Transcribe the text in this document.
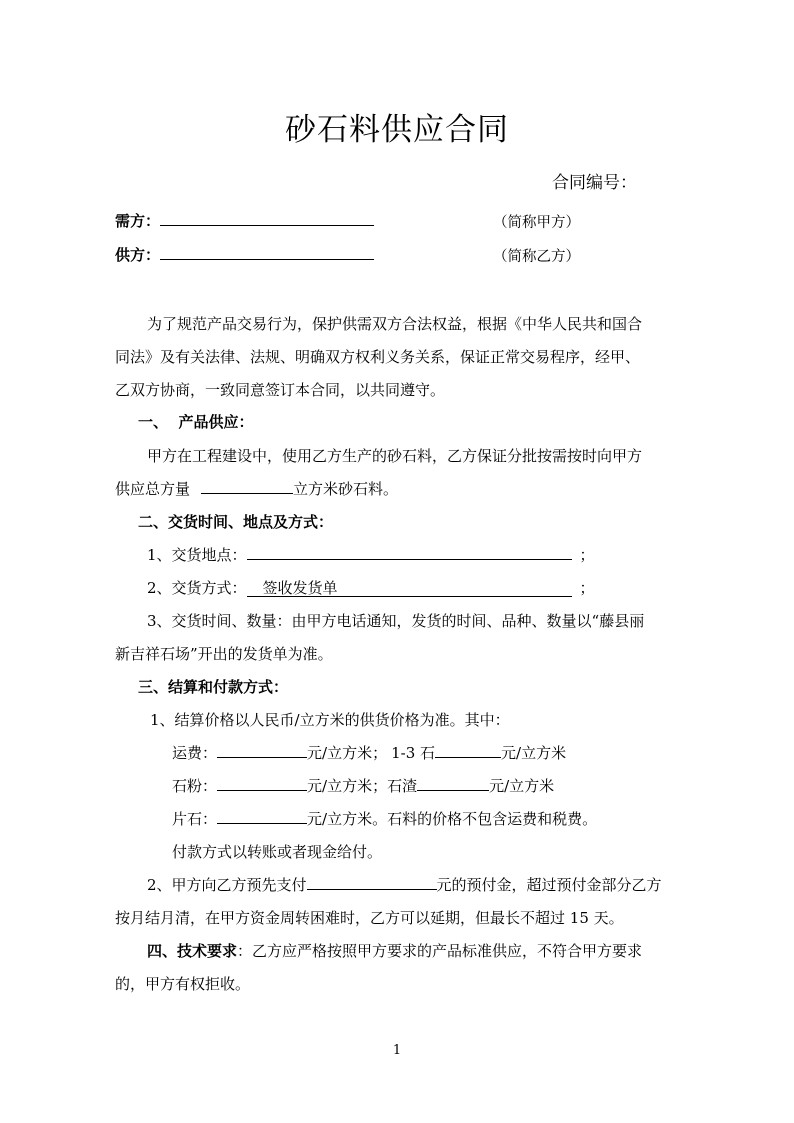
砂石料供应合同
合同编号：
需方：	（简称甲方）
供方：	（简称乙方）
为了规范产品交易行为，保护供需双方合法权益，根据《中华人民共和国合
同法》及有关法律、法规、明确双方权利义务关系，保证正常交易程序，经甲、
乙双方协商，一致同意签订本合同，以共同遵守。
一、  产品供应：
甲方在工程建设中，使用乙方生产的砂石料，乙方保证分批按需按时向甲方
供应总方量	立方米砂石料。
二、交货时间、地点及方式：
1、交货地点：	；
2、交货方式： 签收发货单	；
3、交货时间、数量：由甲方电话通知，发货的时间、品种、数量以“藤县丽
新吉祥石场”开出的发货单为准。
三、结算和付款方式：
1、结算价格以人民币/立方米的供货价格为准。其中：
运费：	元/立方米； 1-3 石	元/立方米
石粉：	元/立方米；石渣	元/立方米
片石：	元/立方米。石料的价格不包含运费和税费。
付款方式以转账或者现金给付。
2、甲方向乙方预先支付	元的预付金，超过预付金部分乙方
按月结月清，在甲方资金周转困难时，乙方可以延期，但最长不超过 15 天。
四、技术要求：乙方应严格按照甲方要求的产品标准供应，不符合甲方要求
的，甲方有权拒收。
1
